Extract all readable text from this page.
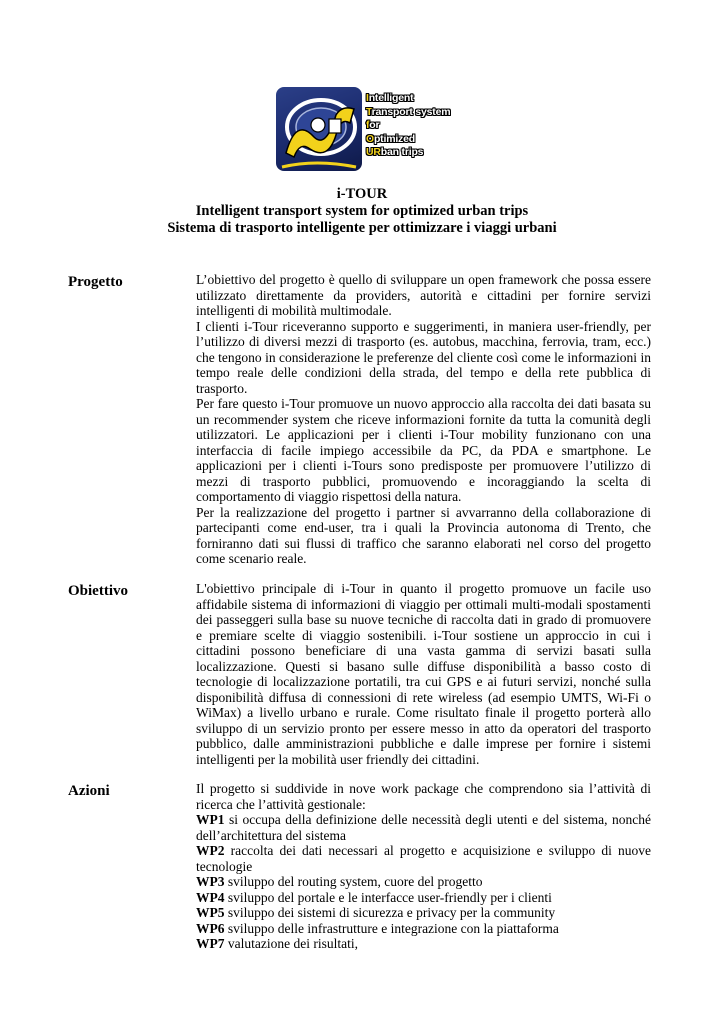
Intelligent
Transport system
for
Optimized
URban trips
i-TOUR
Intelligent transport system for optimized urban trips
Sistema di trasporto intelligente per ottimizzare i viaggi urbani
Progetto	L’obiettivo del progetto è quello di sviluppare un open framework che possa essere utilizzato direttamente da providers, autorità e cittadini per fornire servizi intelligenti di mobilità multimodale.

I clienti i-Tour riceveranno supporto e suggerimenti, in maniera user-friendly, per l’utilizzo di diversi mezzi di trasporto (es. autobus, macchina, ferrovia, tram, ecc.) che tengono in considerazione le preferenze del cliente così come le informazioni in tempo reale delle condizioni della strada, del tempo e della rete pubblica di trasporto.

Per fare questo i-Tour promuove un nuovo approccio alla raccolta dei dati basata su un recommender system che riceve informazioni fornite da tutta la comunità degli utilizzatori. Le applicazioni per i clienti i-Tour mobility funzionano con una interfaccia di facile impiego accessibile da PC, da PDA e smartphone. Le applicazioni per i clienti i-Tours sono predisposte per promuovere l’utilizzo di mezzi di trasporto pubblici, promuovendo e incoraggiando la scelta di comportamento di viaggio rispettosi della natura.

Per la realizzazione del progetto i partner si avvarranno della collaborazione di partecipanti come end-user, tra i quali la Provincia autonoma di Trento, che forniranno dati sui flussi di traffico che saranno elaborati nel corso del progetto come scenario reale.

Obiettivo	L'obiettivo principale di i-Tour in quanto il progetto promuove un facile uso affidabile sistema di informazioni di viaggio per ottimali multi-modali spostamenti dei passeggeri sulla base su nuove tecniche di raccolta dati in grado di promuovere e premiare scelte di viaggio sostenibili. i-Tour sostiene un approccio in cui i cittadini possono beneficiare di una vasta gamma di servizi basati sulla localizzazione. Questi si basano sulle diffuse disponibilità a basso costo di tecnologie di localizzazione portatili, tra cui GPS e ai futuri servizi, nonché sulla disponibilità diffusa di connessioni di rete wireless (ad esempio UMTS, Wi-Fi o WiMax) a livello urbano e rurale. Come risultato finale il progetto porterà allo sviluppo di un servizio pronto per essere messo in atto da operatori del trasporto pubblico, dalle amministrazioni pubbliche e dalle imprese per fornire i sistemi intelligenti per la mobilità user friendly dei cittadini.

Azioni	Il progetto si suddivide in nove work package che comprendono sia l’attività di ricerca che l’attività gestionale:

WP1 si occupa della definizione delle necessità degli utenti e del sistema, nonché dell’architettura del sistema

WP2 raccolta dei dati necessari al progetto e acquisizione e sviluppo di nuove tecnologie

WP3 sviluppo del routing system, cuore del progetto

WP4 sviluppo del portale e le interfacce user-friendly per i clienti

WP5 sviluppo dei sistemi di sicurezza e privacy per la community

WP6 sviluppo delle infrastrutture e integrazione con la piattaforma

WP7 valutazione dei risultati,
